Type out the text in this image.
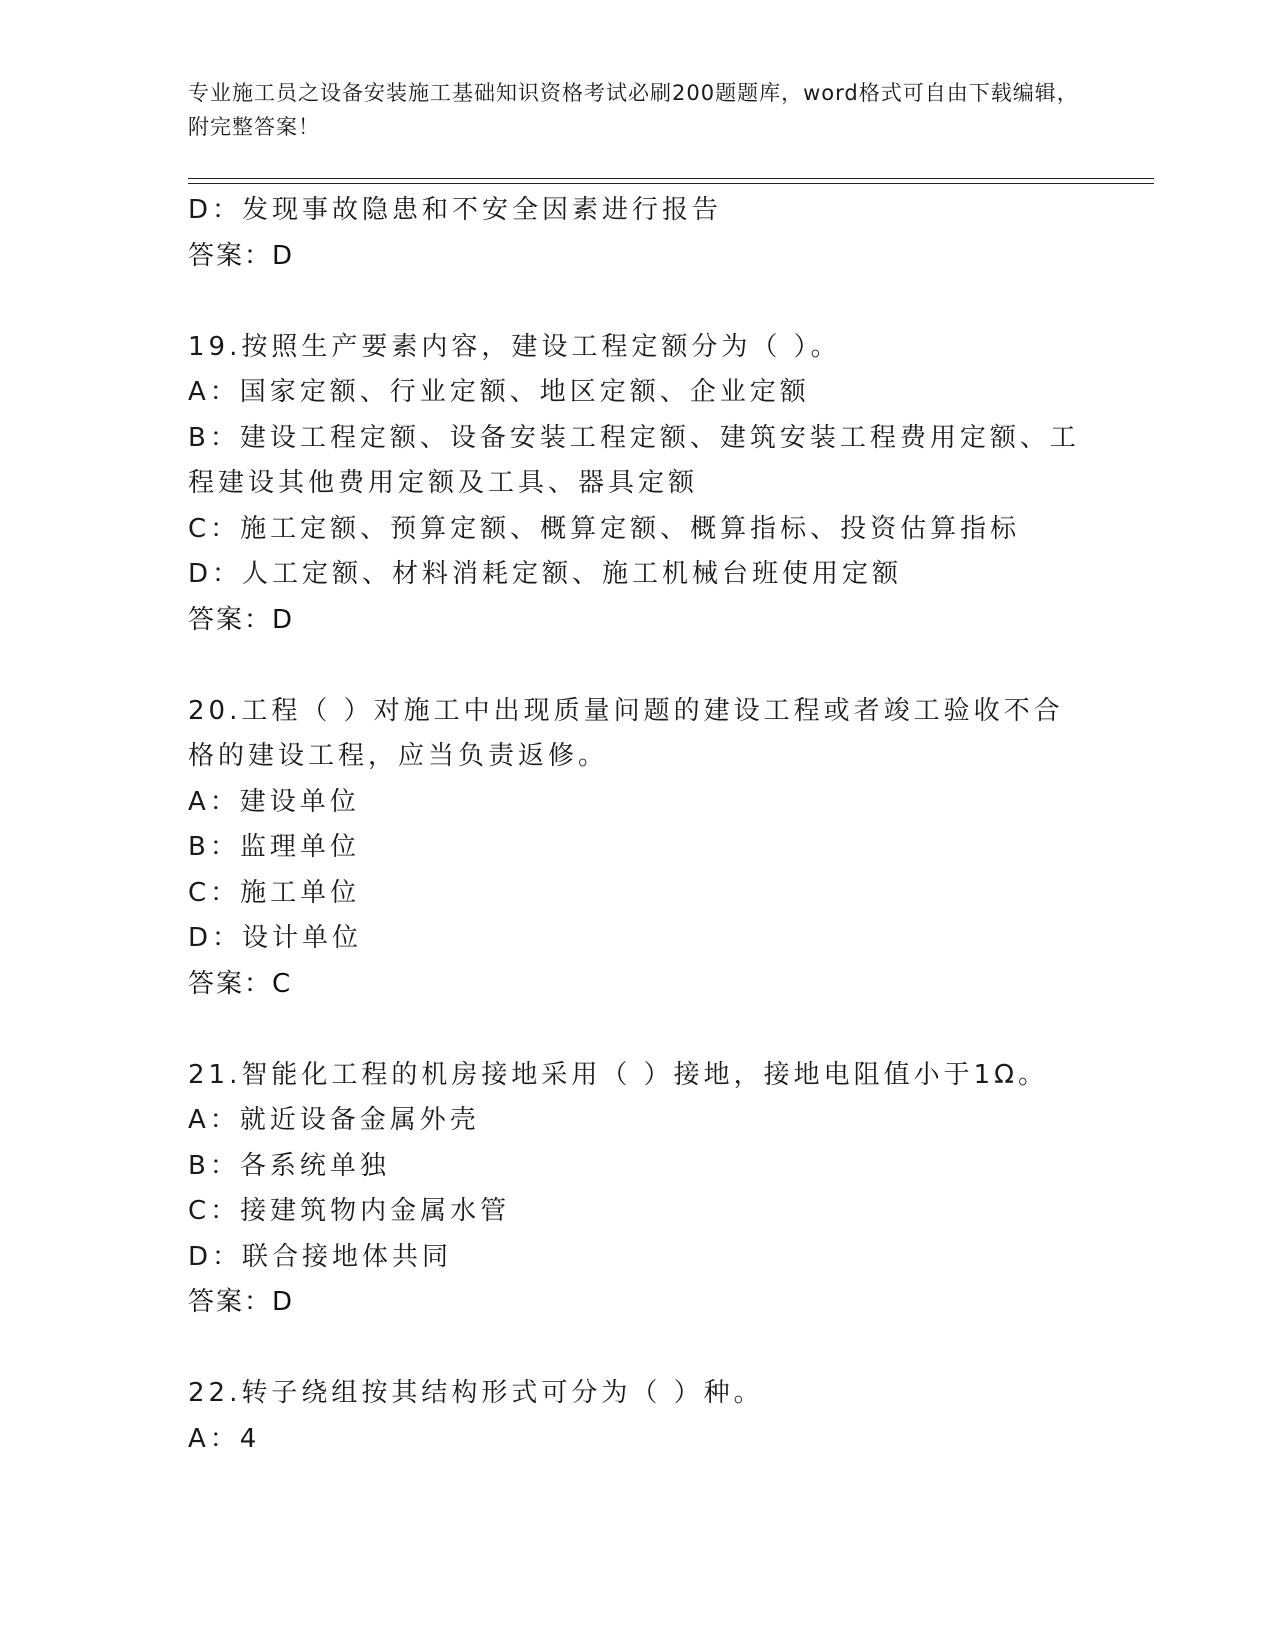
专业施工员之设备安装施工基础知识资格考试必刷200题题库，word格式可自由下载编辑，附完整答案！
D：发现事故隐患和不安全因素进行报告
答案：D
19.按照生产要素内容，建设工程定额分为（ ）。
A：国家定额、行业定额、地区定额、企业定额
B：建设工程定额、设备安装工程定额、建筑安装工程费用定额、工程建设其他费用定额及工具、器具定额
C：施工定额、预算定额、概算定额、概算指标、投资估算指标
D：人工定额、材料消耗定额、施工机械台班使用定额
答案：D
20.工程（ ）对施工中出现质量问题的建设工程或者竣工验收不合格的建设工程，应当负责返修。
A：建设单位
B：监理单位
C：施工单位
D：设计单位
答案：C
21.智能化工程的机房接地采用（ ）接地，接地电阻值小于1Ω。
A：就近设备金属外壳
B：各系统单独
C：接建筑物内金属水管
D：联合接地体共同
答案：D
22.转子绕组按其结构形式可分为（ ）种。
A：4
